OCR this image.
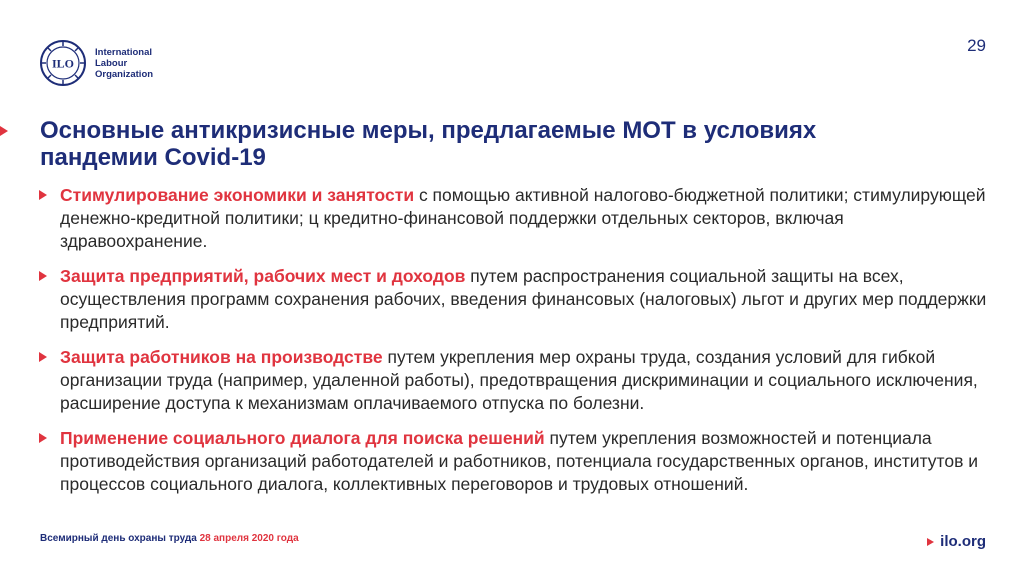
ILO
International
Labour
Organization
29
Основные антикризисные меры, предлагаемые МОТ в условиях пандемии Covid-19
Стимулирование экономики и занятости с помощью активной налогово-бюджетной политики; стимулирующей денежно-кредитной политики; ц кредитно-финансовой поддержки отдельных секторов, включая здравоохранение.
Защита предприятий, рабочих мест и доходов путем распространения социальной защиты на всех, осуществления программ сохранения рабочих, введения финансовых (налоговых) льгот и других мер поддержки предприятий.
Защита работников на производстве путем укрепления мер охраны труда, создания условий для гибкой организации труда (например, удаленной работы), предотвращения дискриминации и социального исключения, расширение доступа к механизмам оплачиваемого отпуска по болезни.
Применение социального диалога для поиска решений путем укрепления возможностей и потенциала противодействия организаций работодателей и работников, потенциала государственных органов, институтов и процессов социального диалога, коллективных переговоров и трудовых отношений.
Всемирный день охраны труда 28 апреля 2020 года	ilo.org
